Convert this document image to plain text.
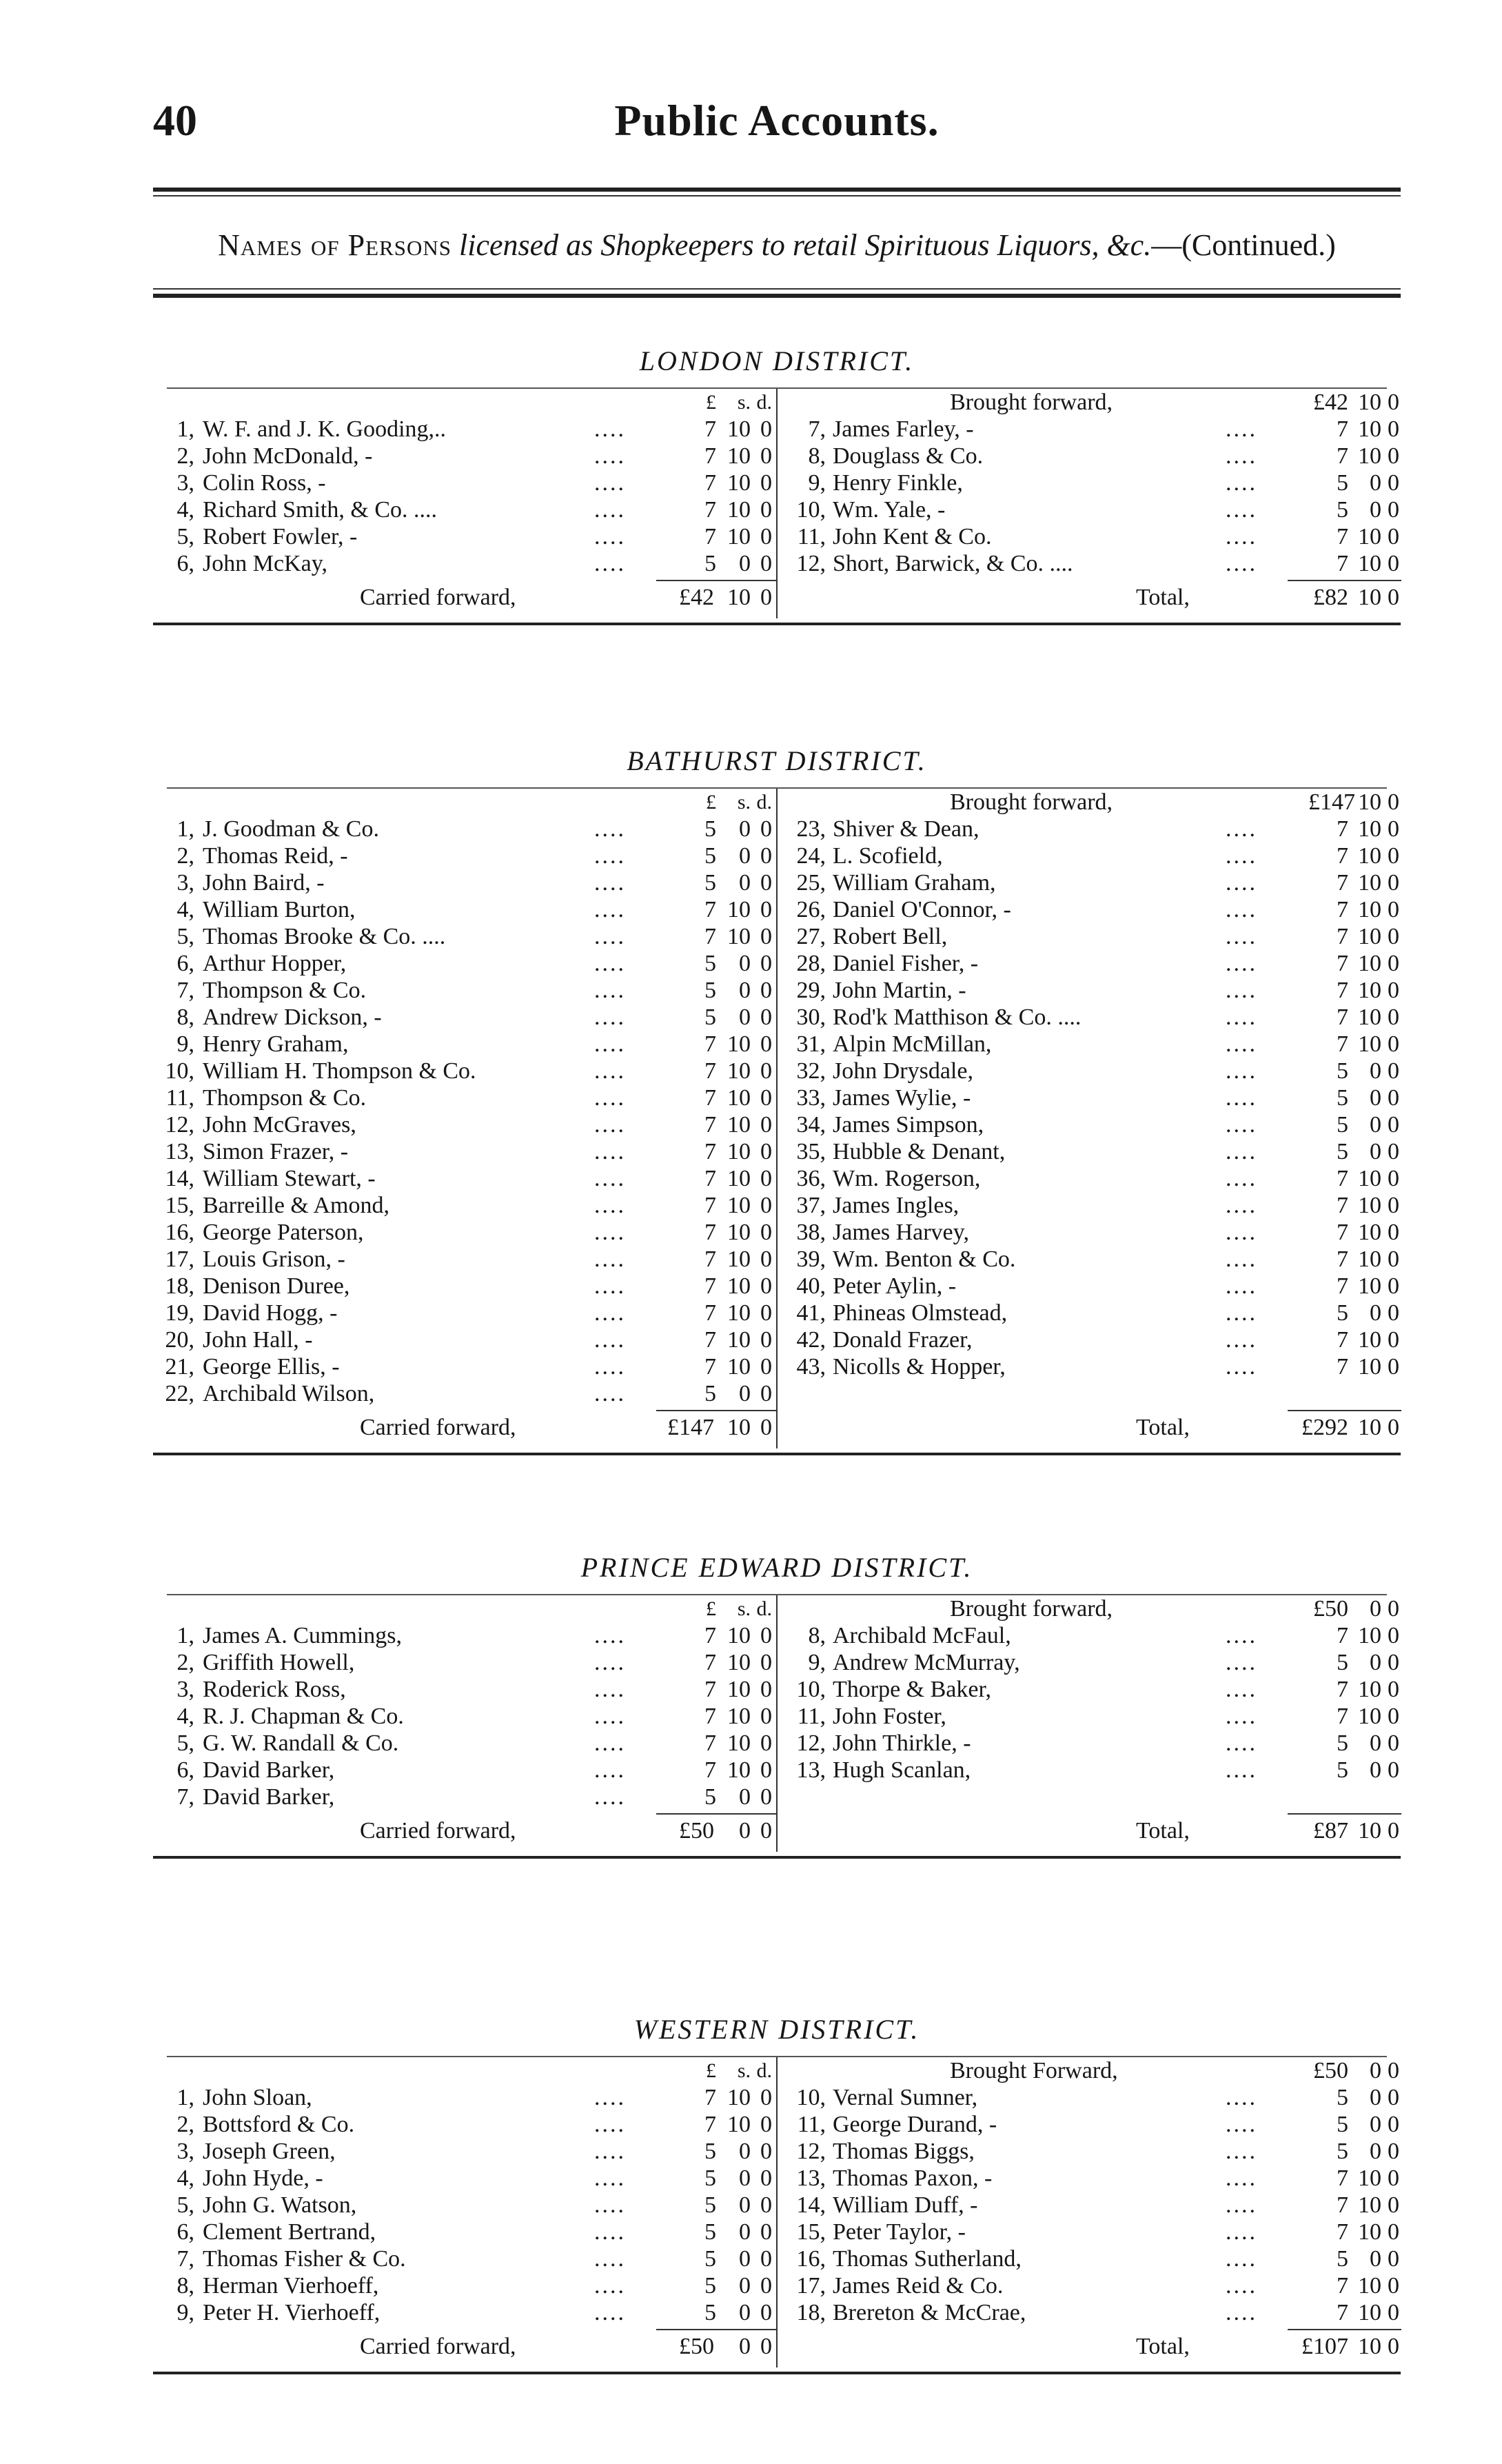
40	Public Accounts.
Names of Persons licensed as Shopkeepers to retail Spirituous Liquors, &c.—(Continued.)
LONDON DISTRICT.
£	s. d.
1, W. F. and J. K. Gooding,..	....	7 10 0
2, John McDonald, -	....	7 10 0
3, Colin Ross, -	....	7 10 0
4, Richard Smith, & Co. ....	....	7 10 0
5, Robert Fowler, -	....	7 10 0
6, John McKay,	....	5 0 0
Carried forward,	£42 10 0
Brought forward,	£42 10 0
7, James Farley, -	....	7 10 0
8, Douglass & Co.	....	7 10 0
9, Henry Finkle,	....	5 0 0
10, Wm. Yale, -	....	5 0 0
11, John Kent & Co.	....	7 10 0
12, Short, Barwick, & Co. ....	....	7 10 0
Total,	£82 10 0
BATHURST DISTRICT.
£	s. d.
1, J. Goodman & Co.	....	5 0 0
2, Thomas Reid, -	....	5 0 0
3, John Baird, -	....	5 0 0
4, William Burton,	....	7 10 0
5, Thomas Brooke & Co. ....	....	7 10 0
6, Arthur Hopper,	....	5 0 0
7, Thompson & Co.	....	5 0 0
8, Andrew Dickson, -	....	5 0 0
9, Henry Graham,	....	7 10 0
10, William H. Thompson & Co.	....	7 10 0
11, Thompson & Co.	....	7 10 0
12, John McGraves,	....	7 10 0
13, Simon Frazer, -	....	7 10 0
14, William Stewart, -	....	7 10 0
15, Barreille & Amond,	....	7 10 0
16, George Paterson,	....	7 10 0
17, Louis Grison, -	....	7 10 0
18, Denison Duree,	....	7 10 0
19, David Hogg, -	....	7 10 0
20, John Hall, -	....	7 10 0
21, George Ellis, -	....	7 10 0
22, Archibald Wilson,	....	5 0 0
Carried forward,	£147 10 0
Brought forward,	£147 10 0
23, Shiver & Dean,	....	7 10 0
24, L. Scofield,	....	7 10 0
25, William Graham,	....	7 10 0
26, Daniel O'Connor, -	....	7 10 0
27, Robert Bell,	....	7 10 0
28, Daniel Fisher, -	....	7 10 0
29, John Martin, -	....	7 10 0
30, Rod'k Matthison & Co. ....	....	7 10 0
31, Alpin McMillan,	....	7 10 0
32, John Drysdale,	....	5 0 0
33, James Wylie, -	....	5 0 0
34, James Simpson,	....	5 0 0
35, Hubble & Denant,	....	5 0 0
36, Wm. Rogerson,	....	7 10 0
37, James Ingles,	....	7 10 0
38, James Harvey,	....	7 10 0
39, Wm. Benton & Co.	....	7 10 0
40, Peter Aylin, -	....	7 10 0
41, Phineas Olmstead,	....	5 0 0
42, Donald Frazer,	....	7 10 0
43, Nicolls & Hopper,	....	7 10 0
Total,	£292 10 0
PRINCE EDWARD DISTRICT.
£	s. d.
1, James A. Cummings,	....	7 10 0
2, Griffith Howell,	....	7 10 0
3, Roderick Ross,	....	7 10 0
4, R. J. Chapman & Co.	....	7 10 0
5, G. W. Randall & Co.	....	7 10 0
6, David Barker,	....	7 10 0
7, David Barker,	....	5 0 0
Carried forward,	£50	0 0
Brought forward,	£50 0 0
8, Archibald McFaul,	....	7 10 0
9, Andrew McMurray,	....	5 0 0
10, Thorpe & Baker,	....	7 10 0
11, John Foster,	....	7 10 0
12, John Thirkle, -	....	5 0 0
13, Hugh Scanlan,	....	5 0 0
Total,	£87 10 0
WESTERN DISTRICT.
£	s. d.
1, John Sloan,	....	7 10 0
2, Bottsford & Co.	....	7 10 0
3, Joseph Green,	....	5 0 0
4, John Hyde, -	....	5 0 0
5, John G. Watson,	....	5 0 0
6, Clement Bertrand,	....	5 0 0
7, Thomas Fisher & Co.	....	5 0 0
8, Herman Vierhoeff,	....	5 0 0
9, Peter H. Vierhoeff,	....	5 0 0
Carried forward,	£50	0 0
Brought Forward,	£50 0 0
10, Vernal Sumner,	....	5 0 0
11, George Durand, -	....	5 0 0
12, Thomas Biggs,	....	5 0 0
13, Thomas Paxon, -	....	7 10 0
14, William Duff, -	....	7 10 0
15, Peter Taylor, -	....	7 10 0
16, Thomas Sutherland,	....	5 0 0
17, James Reid & Co.	....	7 10 0
18, Brereton & McCrae,	....	7 10 0
Total,	£107 10 0
